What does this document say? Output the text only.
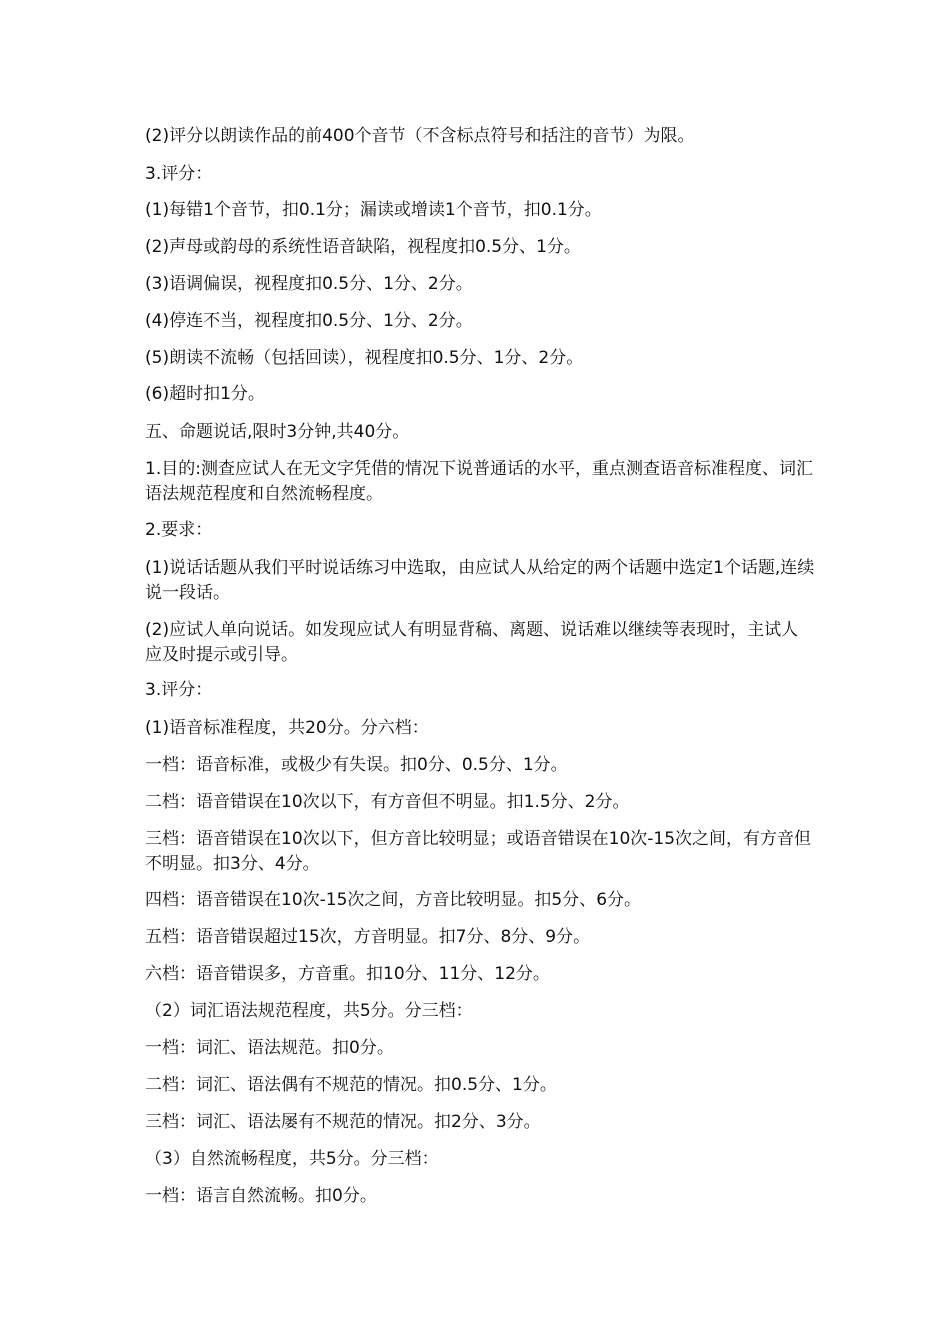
(2)评分以朗读作品的前400个音节（不含标点符号和括注的音节）为限。
3.评分：
(1)每错1个音节，扣0.1分；漏读或增读1个音节，扣0.1分。
(2)声母或韵母的系统性语音缺陷，视程度扣0.5分、1分。
(3)语调偏误，视程度扣0.5分、1分、2分。
(4)停连不当，视程度扣0.5分、1分、2分。
(5)朗读不流畅（包括回读），视程度扣0.5分、1分、2分。
(6)超时扣1分。
五、命题说话,限时3分钟,共40分。
1.目的:测查应试人在无文字凭借的情况下说普通话的水平，重点测查语音标准程度、词汇语法规范程度和自然流畅程度。
2.要求：
(1)说话话题从我们平时说话练习中选取，由应试人从给定的两个话题中选定1个话题,连续说一段话。
(2)应试人单向说话。如发现应试人有明显背稿、离题、说话难以继续等表现时，主试人应及时提示或引导。
3.评分：
(1)语音标准程度，共20分。分六档：
一档：语音标准，或极少有失误。扣0分、0.5分、1分。
二档：语音错误在10次以下，有方音但不明显。扣1.5分、2分。
三档：语音错误在10次以下，但方音比较明显；或语音错误在10次-15次之间，有方音但不明显。扣3分、4分。
四档：语音错误在10次-15次之间，方音比较明显。扣5分、6分。
五档：语音错误超过15次，方音明显。扣7分、8分、9分。
六档：语音错误多，方音重。扣10分、11分、12分。
（2）词汇语法规范程度，共5分。分三档：
一档：词汇、语法规范。扣0分。
二档：词汇、语法偶有不规范的情况。扣0.5分、1分。
三档：词汇、语法屡有不规范的情况。扣2分、3分。
（3）自然流畅程度，共5分。分三档：
一档：语言自然流畅。扣0分。
